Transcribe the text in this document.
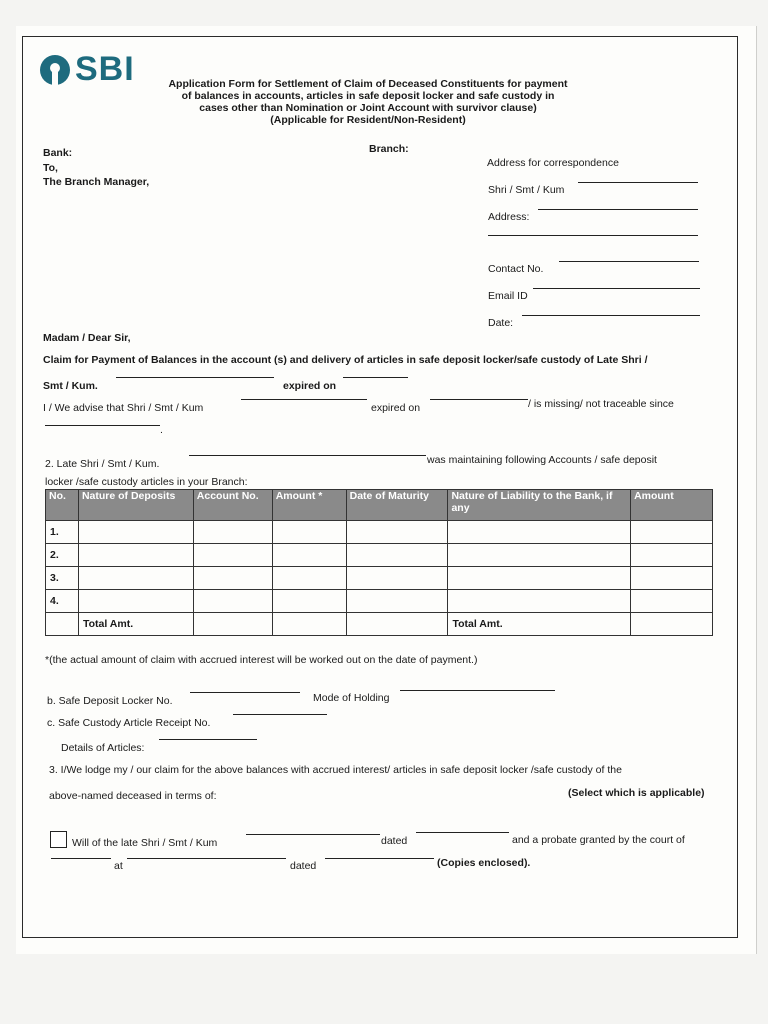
SBI	Application Form for Settlement of Claim of Deceased Constituents for payment
of balances in accounts, articles in safe deposit locker and safe custody in
cases other than Nomination or Joint Account with survivor clause)
(Applicable for Resident/Non-Resident)
Bank:	Branch:
To,
The Branch Manager,
Address for correspondence
Shri / Smt / Kum
Address:
Contact No.
Email ID
Date:
Madam / Dear Sir,
Claim for Payment of Balances in the account (s) and delivery of articles in safe deposit locker/safe custody of Late Shri /
Smt / Kum.	expired on
I / We advise that Shri / Smt / Kum	expired on	/ is missing/ not traceable since
.
2. Late Shri / Smt / Kum.	was maintaining following Accounts / safe deposit
locker /safe custody articles in your Branch:
No.	Nature of Deposits	Account No.	Amount *	Date of Maturity	Nature of Liability to the Bank, if any	Amount
1.						
2.						
3.						
4.						
	Total Amt.				Total Amt.	
*(the actual amount of claim with accrued interest will be worked out on the date of payment.)
b. Safe Deposit Locker No.	Mode of Holding
c. Safe Custody Article Receipt No.
Details of Articles:
3. I/We lodge my / our claim for the above balances with accrued interest/ articles in safe deposit locker /safe custody of the
above-named deceased in terms of:	(Select which is applicable)
Will of the late Shri / Smt / Kum	dated	and a probate granted by the court of
at	dated	(Copies enclosed).
